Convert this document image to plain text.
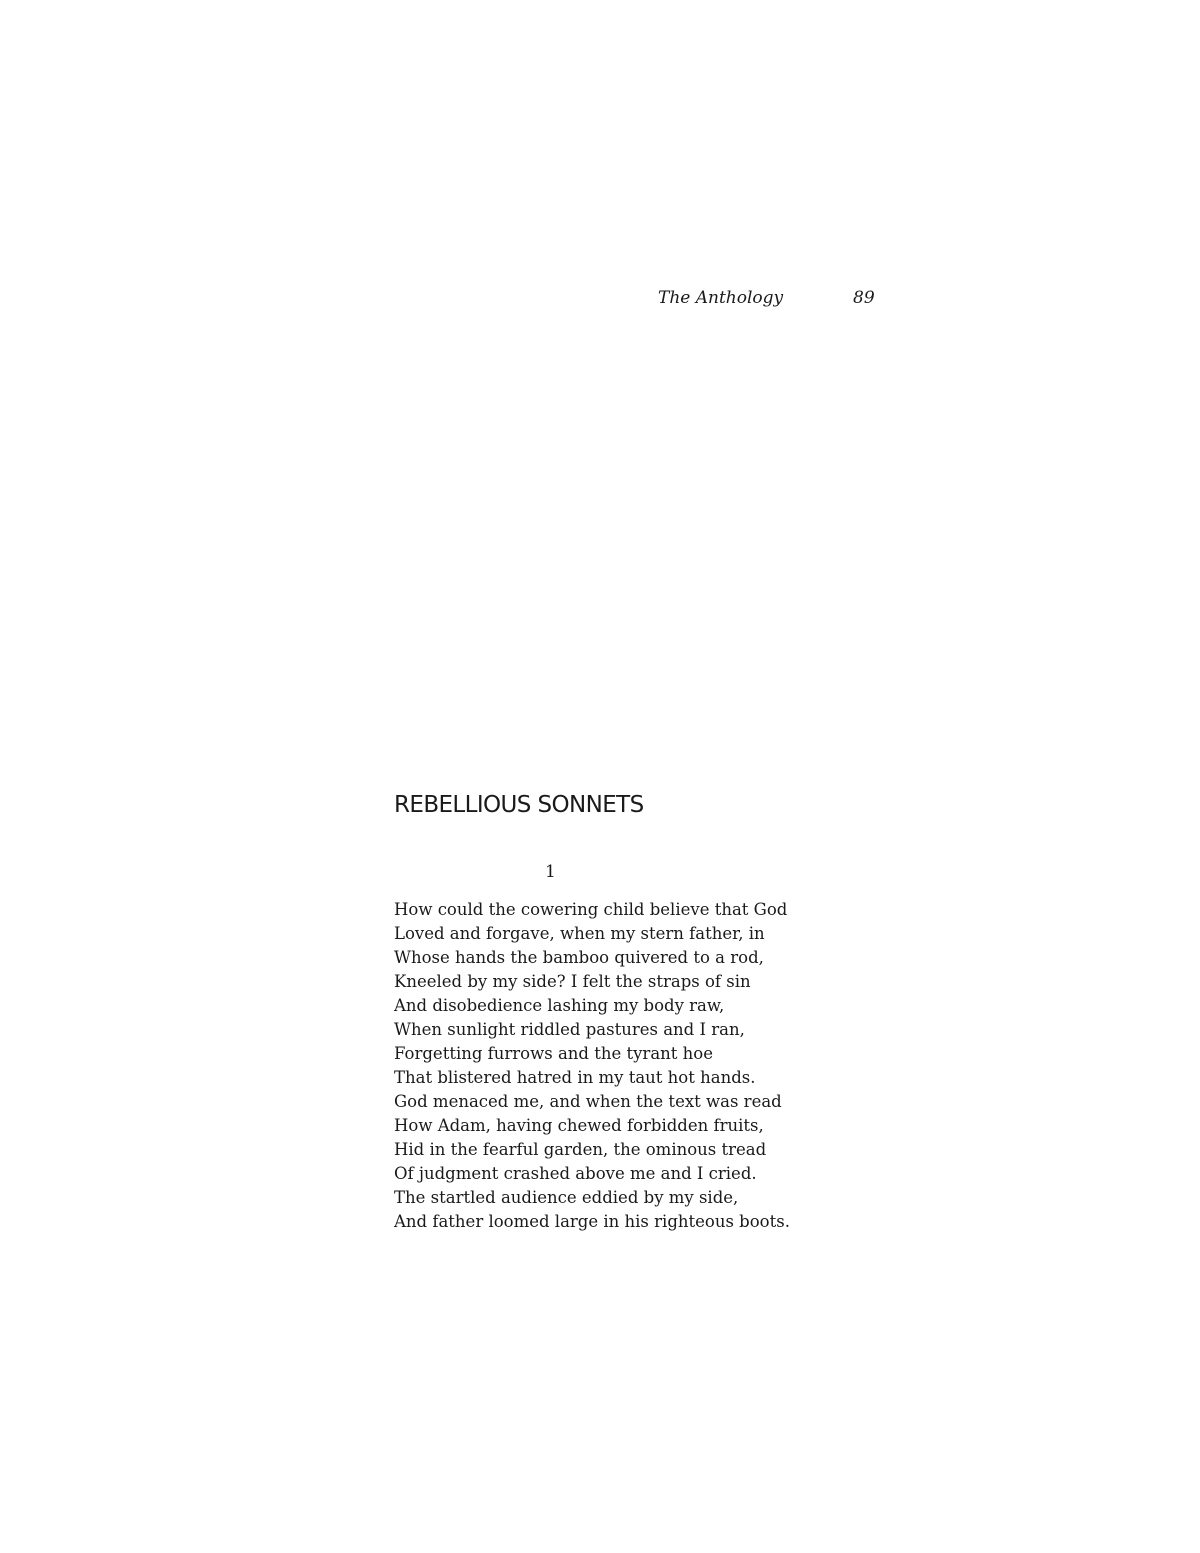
The Anthology	89
REBELLIOUS SONNETS
1
How could the cowering child believe that God
Loved and forgave, when my stern father, in
Whose hands the bamboo quivered to a rod,
Kneeled by my side? I felt the straps of sin
And disobedience lashing my body raw,
When sunlight riddled pastures and I ran,
Forgetting furrows and the tyrant hoe
That blistered hatred in my taut hot hands.
God menaced me, and when the text was read
How Adam, having chewed forbidden fruits,
Hid in the fearful garden, the ominous tread
Of judgment crashed above me and I cried.
The startled audience eddied by my side,
And father loomed large in his righteous boots.
